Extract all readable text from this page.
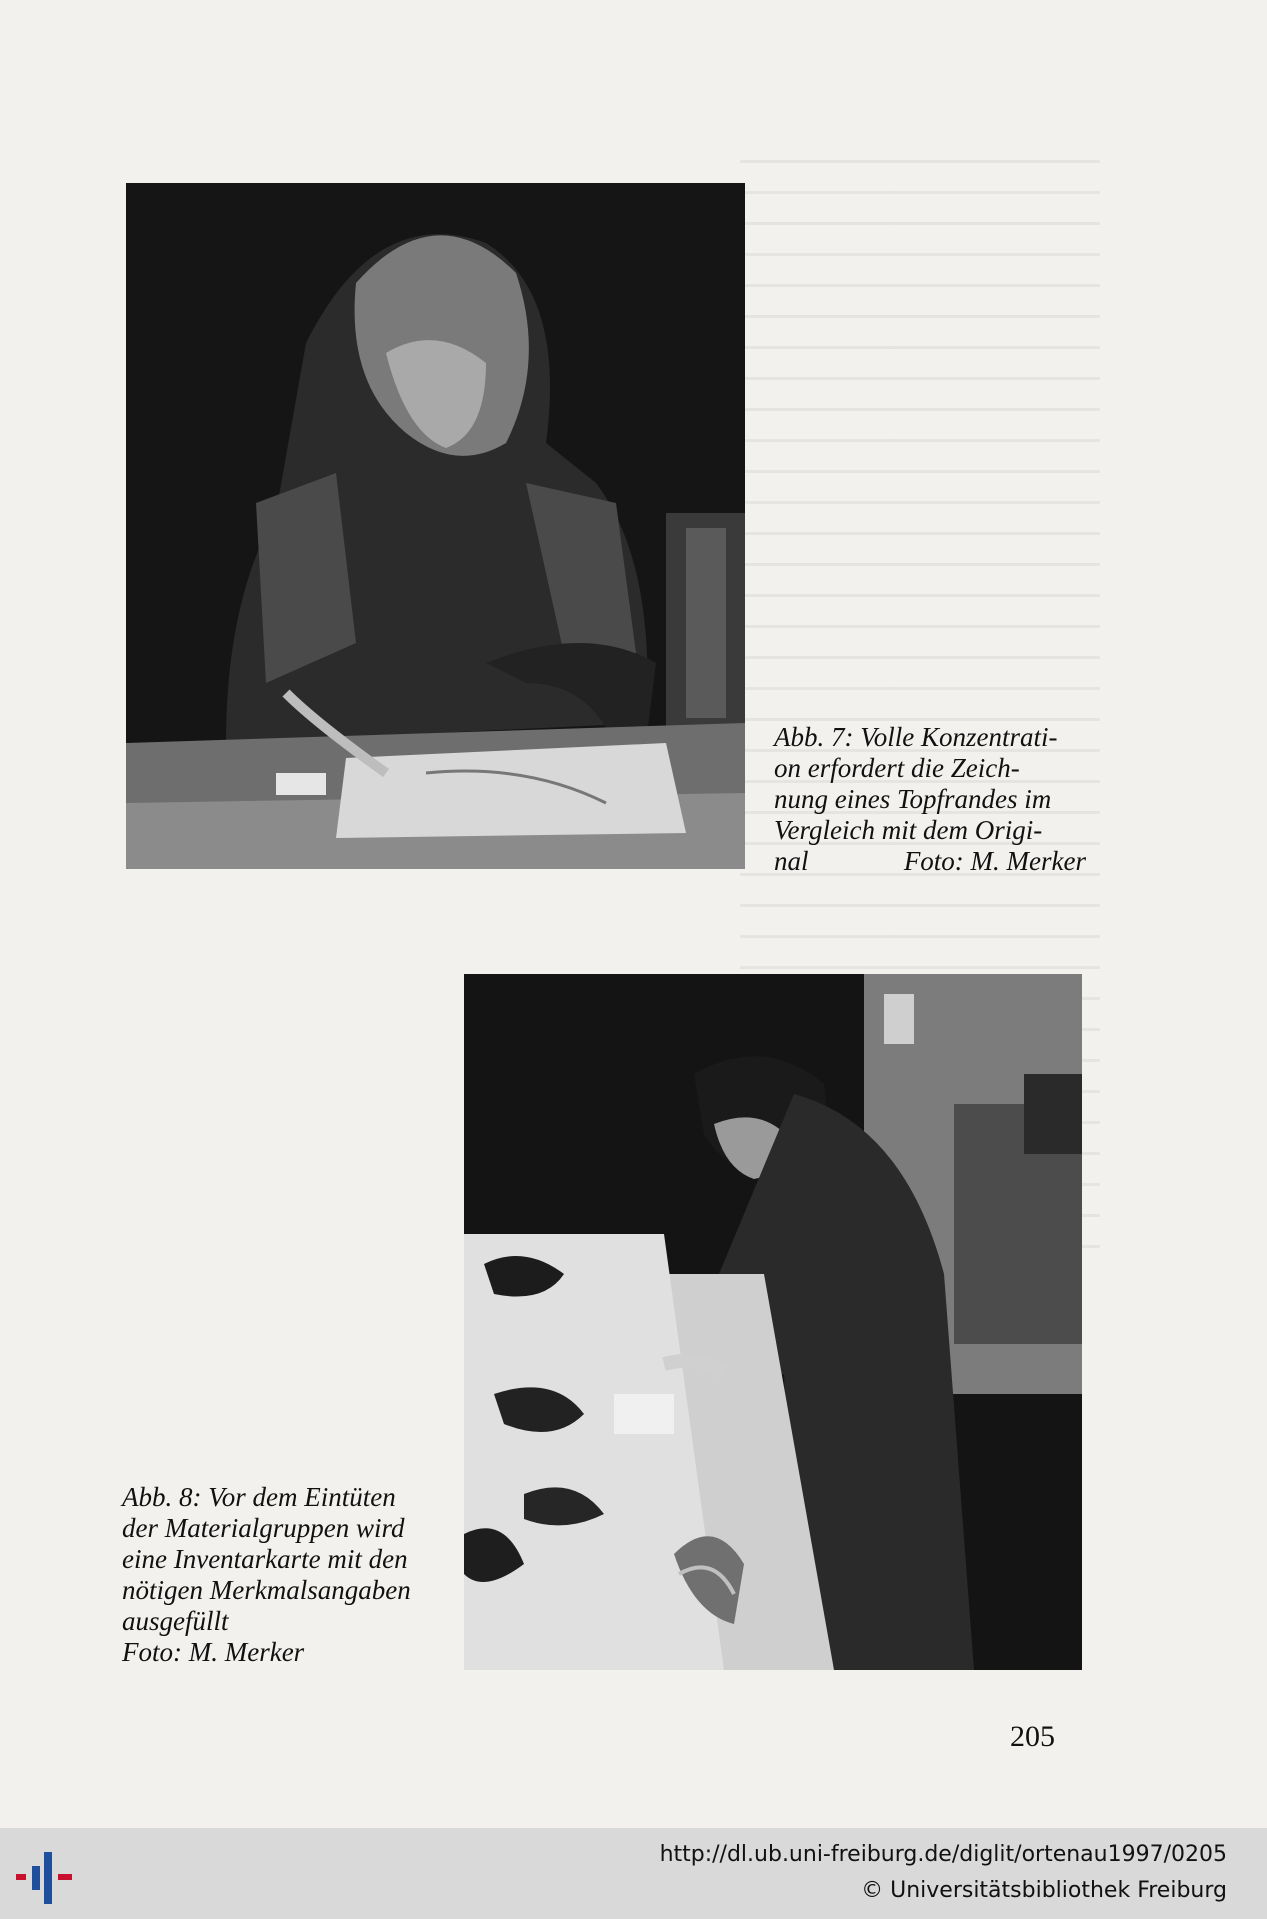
Abb. 7: Volle Konzentrati-
on erfordert die Zeich-
nung eines Topfrandes im
Vergleich mit dem Origi-
nal	Foto: M. Merker
Abb. 8: Vor dem Eintüten
der Materialgruppen wird
eine Inventarkarte mit den
nötigen Merkmalsangaben
ausgefüllt
Foto: M. Merker
205
http://dl.ub.uni-freiburg.de/diglit/ortenau1997/0205
© Universitätsbibliothek Freiburg
